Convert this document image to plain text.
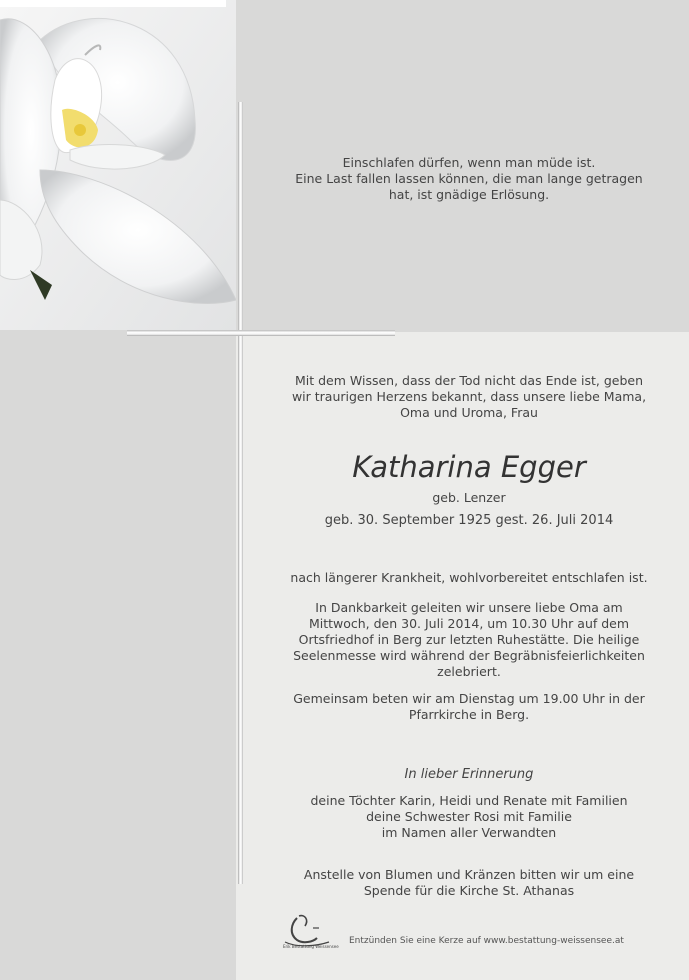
Einschlafen dürfen, wenn man müde ist.

Eine Last fallen lassen können, die man lange getragen

hat, ist gnädige Erlösung.

Mit dem Wissen, dass der Tod nicht das Ende ist, geben

wir traurigen Herzens bekannt, dass unsere liebe Mama,

Oma und Uroma, Frau

Katharina Egger
geb. Lenzer
geb. 30. September 1925 gest. 26. Juli 2014
nach längerer Krankheit, wohlvorbereitet entschlafen ist.

In Dankbarkeit geleiten wir unsere liebe Oma am

Mittwoch, den 30. Juli 2014, um 10.30 Uhr auf dem

Ortsfriedhof in Berg zur letzten Ruhestätte. Die heilige

Seelenmesse wird während der Begräbnisfeierlichkeiten

zelebriert.

Gemeinsam beten wir am Dienstag um 19.00 Uhr in der

Pfarrkirche in Berg.

In lieber Erinnerung

deine Töchter Karin, Heidi und Renate mit Familien

deine Schwester Rosi mit Familie

im Namen aller Verwandten

Anstelle von Blumen und Kränzen bitten wir um eine

Spende für die Kirche St. Athanas

Erik Bestattung Weissensee
Entzünden Sie eine Kerze auf www.bestattung-weissensee.at
